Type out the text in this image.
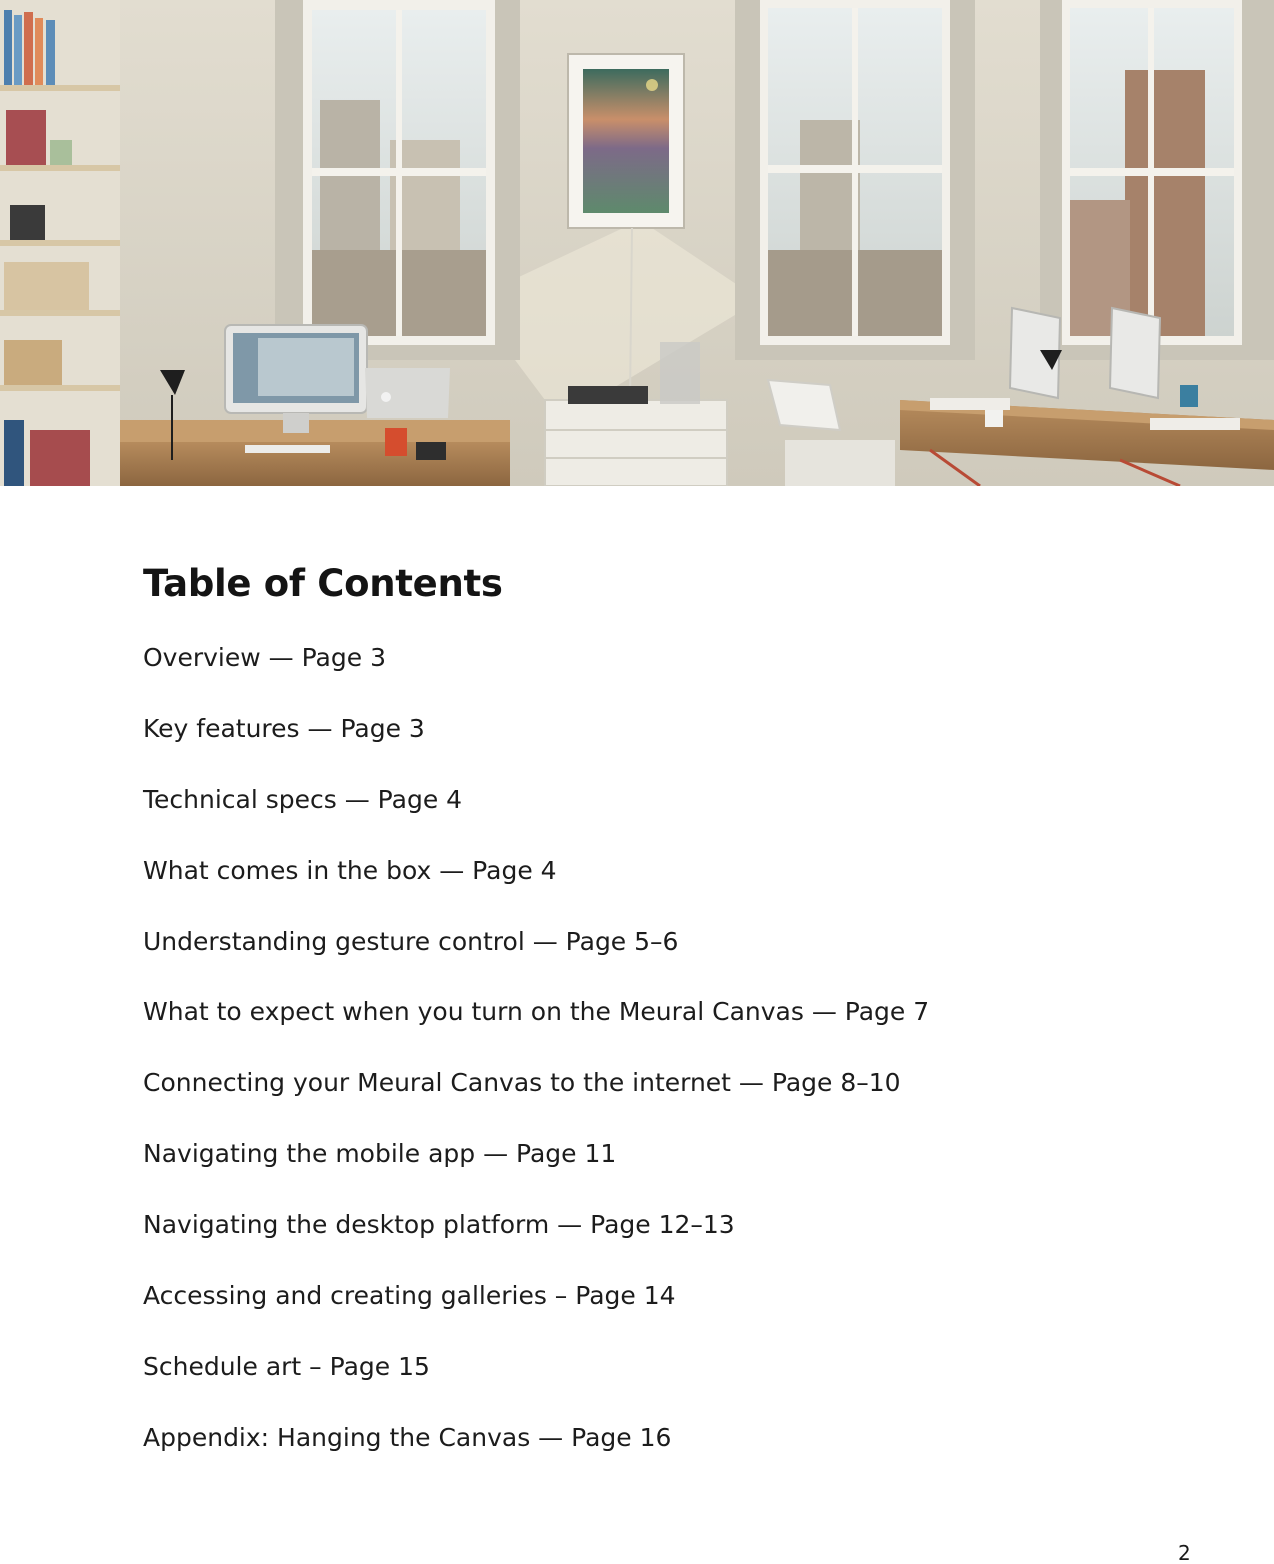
Table of Contents
Overview — Page 3
Key features — Page 3
Technical specs — Page 4
What comes in the box — Page 4
Understanding gesture control — Page 5–6
What to expect when you turn on the Meural Canvas — Page 7
Connecting your Meural Canvas to the internet — Page 8–10
Navigating the mobile app — Page 11
Navigating the desktop platform — Page 12–13
Accessing and creating galleries – Page 14
Schedule art – Page 15
Appendix: Hanging the Canvas — Page 16
2
